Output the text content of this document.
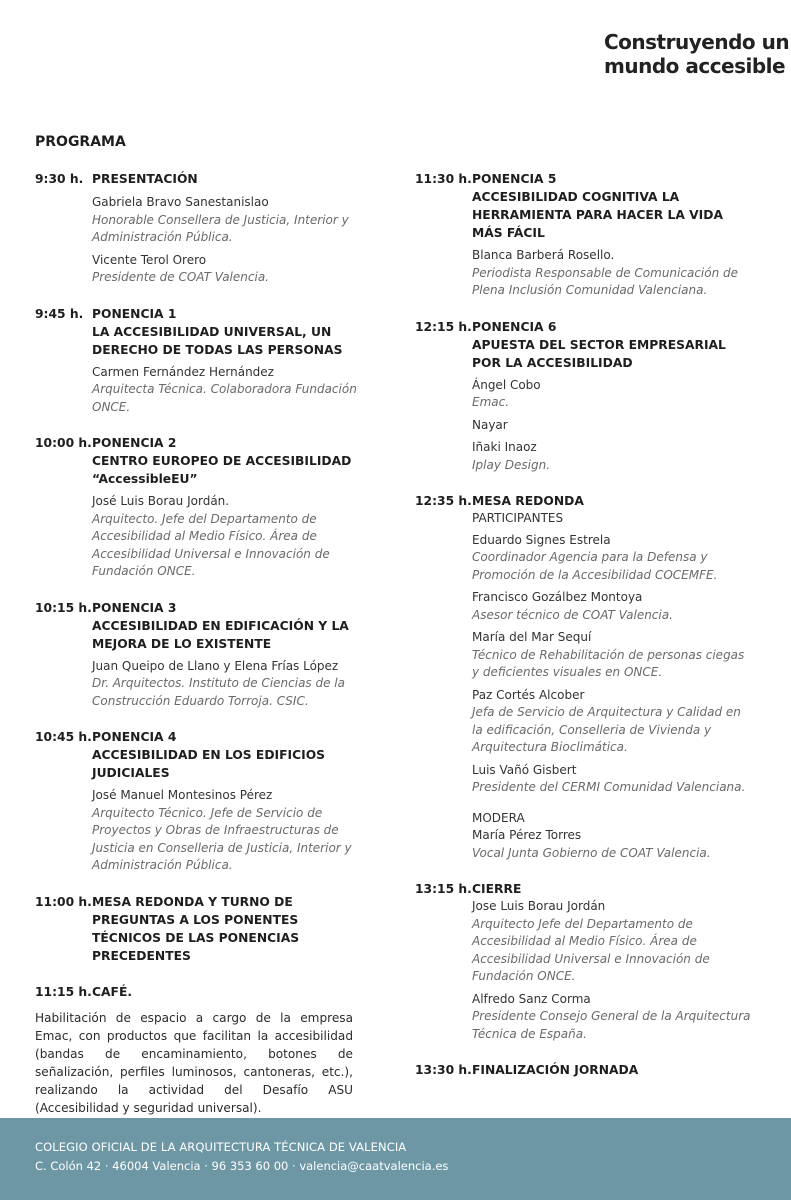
Construyendo un
mundo accesible
PROGRAMA
9:30 h. PRESENTACIÓN
Gabriela Bravo Sanestanislao
Honorable Consellera de Justicia, Interior y Administración Pública.
Vicente Terol Orero
Presidente de COAT Valencia.
9:45 h. PONENCIA 1
LA ACCESIBILIDAD UNIVERSAL, UN DERECHO DE TODAS LAS PERSONAS
Carmen Fernández Hernández
Arquitecta Técnica. Colaboradora Fundación ONCE.
10:00 h. PONENCIA 2
CENTRO EUROPEO DE ACCESIBILIDAD “AccessibleEU”
José Luis Borau Jordán.
Arquitecto. Jefe del Departamento de Accesibilidad al Medio Físico. Área de Accesibilidad Universal e Innovación de Fundación ONCE.
10:15 h. PONENCIA 3
ACCESIBILIDAD EN EDIFICACIÓN Y LA MEJORA DE LO EXISTENTE
Juan Queipo de Llano y Elena Frías López
Dr. Arquitectos. Instituto de Ciencias de la Construcción Eduardo Torroja. CSIC.
10:45 h. PONENCIA 4
ACCESIBILIDAD EN LOS EDIFICIOS JUDICIALES
José Manuel Montesinos Pérez
Arquitecto Técnico. Jefe de Servicio de Proyectos y Obras de Infraestructuras de Justicia en Conselleria de Justicia, Interior y Administración Pública.
11:00 h. MESA REDONDA Y TURNO DE PREGUNTAS A LOS PONENTES TÉCNICOS DE LAS PONENCIAS PRECEDENTES
11:15 h. CAFÉ.
Habilitación de espacio a cargo de la empresa Emac, con productos que facilitan la accesibilidad (bandas de encaminamiento, botones de señalización, perfiles luminosos, cantoneras, etc.), realizando la actividad del Desafío ASU (Accesibilidad y seguridad universal).
11:30 h. PONENCIA 5
ACCESIBILIDAD COGNITIVA LA HERRAMIENTA PARA HACER LA VIDA MÁS FÁCIL
Blanca Barberá Rosello.
Periodista Responsable de Comunicación de Plena Inclusión Comunidad Valenciana.
12:15 h. PONENCIA 6
APUESTA DEL SECTOR EMPRESARIAL POR LA ACCESIBILIDAD
Ángel Cobo
Emac.
Nayar
Iñaki Inaoz
Iplay Design.
12:35 h. MESA REDONDA
PARTICIPANTES
Eduardo Signes Estrela
Coordinador Agencia para la Defensa y Promoción de la Accesibilidad COCEMFE.
Francisco Gozálbez Montoya
Asesor técnico de COAT Valencia.
María del Mar Sequí
Técnico de Rehabilitación de personas ciegas y deficientes visuales en ONCE.
Paz Cortés Alcober
Jefa de Servicio de Arquitectura y Calidad en la edificación, Conselleria de Vivienda y Arquitectura Bioclimática.
Luis Vañó Gisbert
Presidente del CERMI Comunidad Valenciana.
MODERA
María Pérez Torres
Vocal Junta Gobierno de COAT Valencia.
13:15 h. CIERRE
Jose Luis Borau Jordán
Arquitecto Jefe del Departamento de Accesibilidad al Medio Físico. Área de Accesibilidad Universal e Innovación de Fundación ONCE.
Alfredo Sanz Corma
Presidente Consejo General de la Arquitectura Técnica de España.
13:30 h. FINALIZACIÓN JORNADA
COLEGIO OFICIAL DE LA ARQUITECTURA TÉCNICA DE VALENCIA
C. Colón 42 · 46004 Valencia · 96 353 60 00 · valencia@caatvalencia.es
